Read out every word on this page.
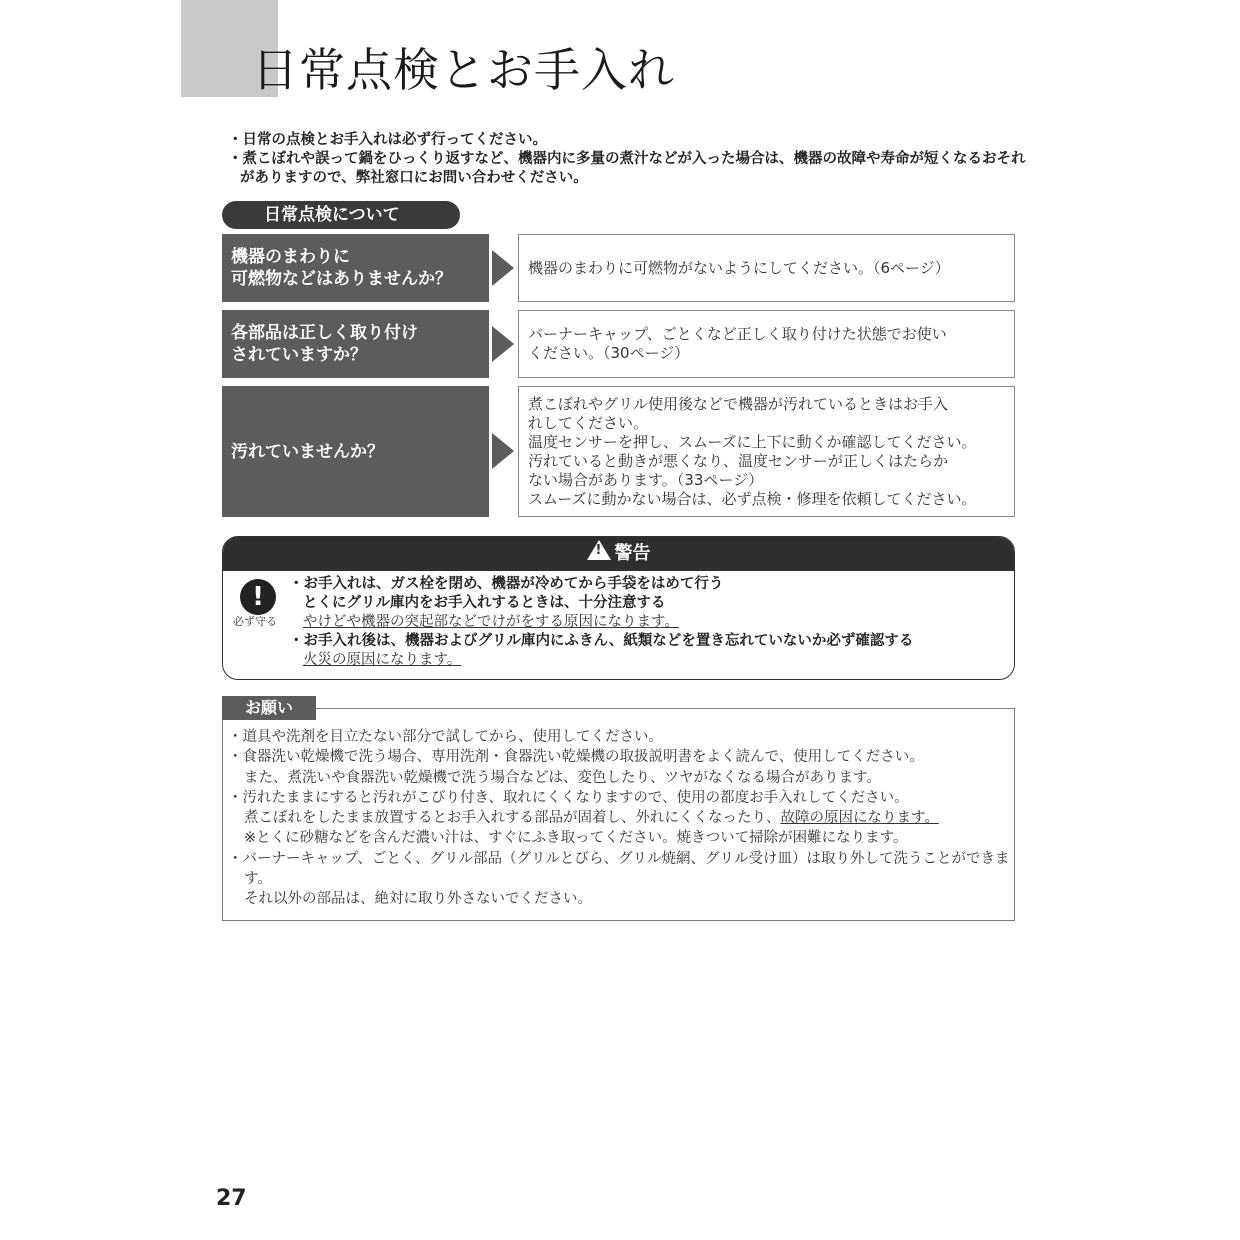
日常点検とお手入れ

・ 日常の点検とお手入れは必ず行ってください。

・ 煮こぼれや誤って鍋をひっくり返すなど、機器内に多量の煮汁などが入った場合は、機器の故障や寿命が短くなるおそれがありますので、弊社窓口にお問い合わせください。

日常点検について
機器のまわりに
可燃物などはありませんか？
機器のまわりに可燃物がないようにしてください。（6ページ）
各部品は正しく取り付け
されていますか？
バーナーキャップ、ごとくなど正しく取り付けた状態でお使い
ください。（30ページ）
汚れていませんか？
煮こぼれやグリル使用後などで機器が汚れているときはお手入
れしてください。
温度センサーを押し、スムーズに上下に動くか確認してください。
汚れていると動きが悪くなり、温度センサーが正しくはたらか
ない場合があります。（33ページ）
スムーズに動かない場合は、必ず点検・修理を依頼してください。
!警告
!
必ず守る

・ お手入れは、ガス栓を閉め、機器が冷めてから手袋をはめて行う

とくにグリル庫内をお手入れするときは、十分注意する

やけどや機器の突起部などでけがをする原因になります。

・ お手入れ後は、機器およびグリル庫内にふきん、紙類などを置き忘れていないか必ず確認する

火災の原因になります。

お願い

・ 道具や洗剤を目立たない部分で試してから、使用してください。

・ 食器洗い乾燥機で洗う場合、専用洗剤・食器洗い乾燥機の取扱説明書をよく読んで、使用してください。

また、煮洗いや食器洗い乾燥機で洗う場合などは、変色したり、ツヤがなくなる場合があります。

・ 汚れたままにすると汚れがこびり付き、取れにくくなりますので、使用の都度お手入れしてください。

煮こぼれをしたまま放置するとお手入れする部品が固着し、外れにくくなったり、故障の原因になります。

※とくに砂糖などを含んだ濃い汁は、すぐにふき取ってください。焼きついて掃除が困難になります。

・ バーナーキャップ、ごとく、グリル部品（グリルとびら、グリル焼網、グリル受け皿）は取り外して洗うことができます。

それ以外の部品は、絶対に取り外さないでください。

27
